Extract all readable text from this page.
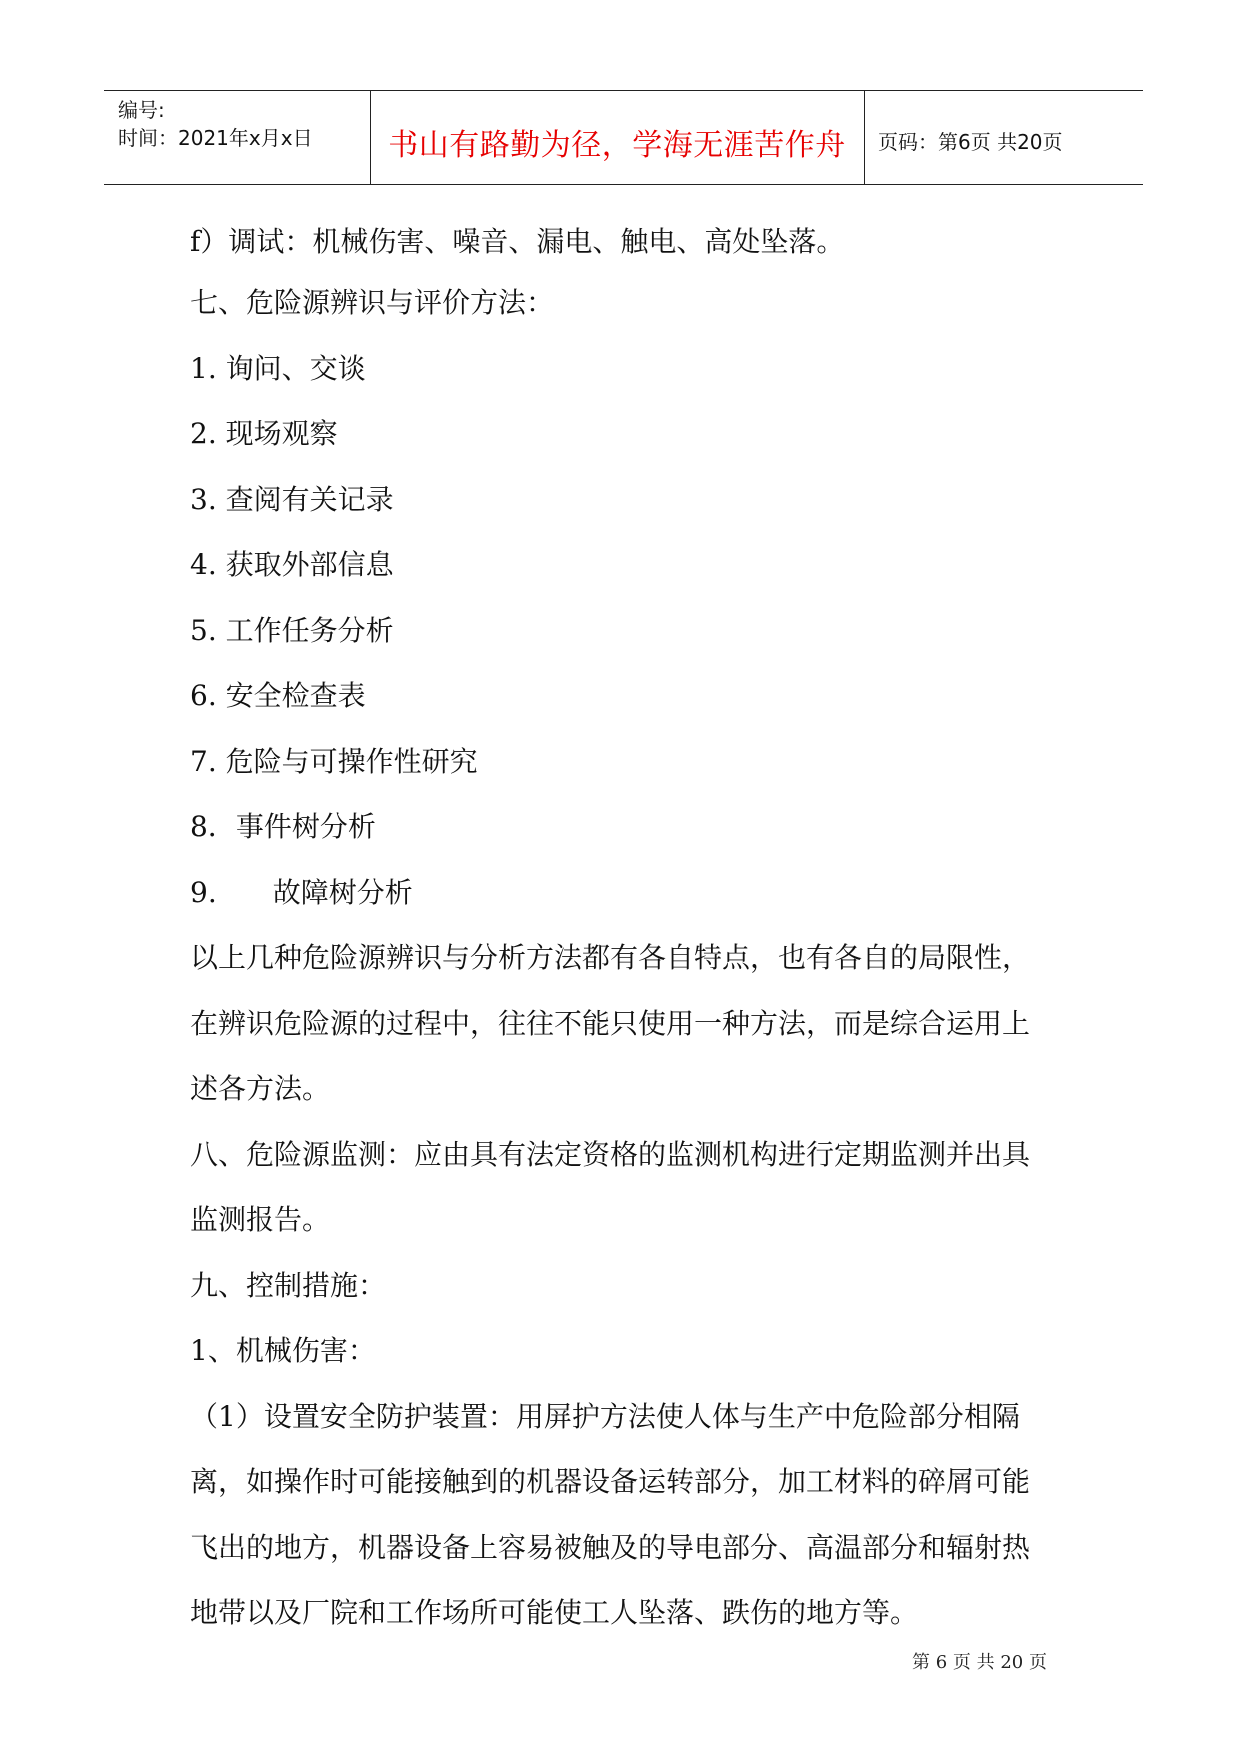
编号:
时间：2021年x月x日	书山有路勤为径，学海无涯苦作舟	页码：第6页 共20页
f）调试：机械伤害、噪音、漏电、触电、高处坠落。
七、危险源辨识与评价方法：
1. 询问、交谈
2. 现场观察
3. 查阅有关记录
4. 获取外部信息
5. 工作任务分析
6. 安全检查表
7. 危险与可操作性研究
8．事件树分析
9.　　故障树分析
以上几种危险源辨识与分析方法都有各自特点，也有各自的局限性，
在辨识危险源的过程中，往往不能只使用一种方法，而是综合运用上
述各方法。
八、危险源监测：应由具有法定资格的监测机构进行定期监测并出具
监测报告。
九、控制措施：
1、机械伤害：
（1）设置安全防护装置：用屏护方法使人体与生产中危险部分相隔
离，如操作时可能接触到的机器设备运转部分，加工材料的碎屑可能
飞出的地方，机器设备上容易被触及的导电部分、高温部分和辐射热
地带以及厂院和工作场所可能使工人坠落、跌伤的地方等。
第 6 页 共 20 页
